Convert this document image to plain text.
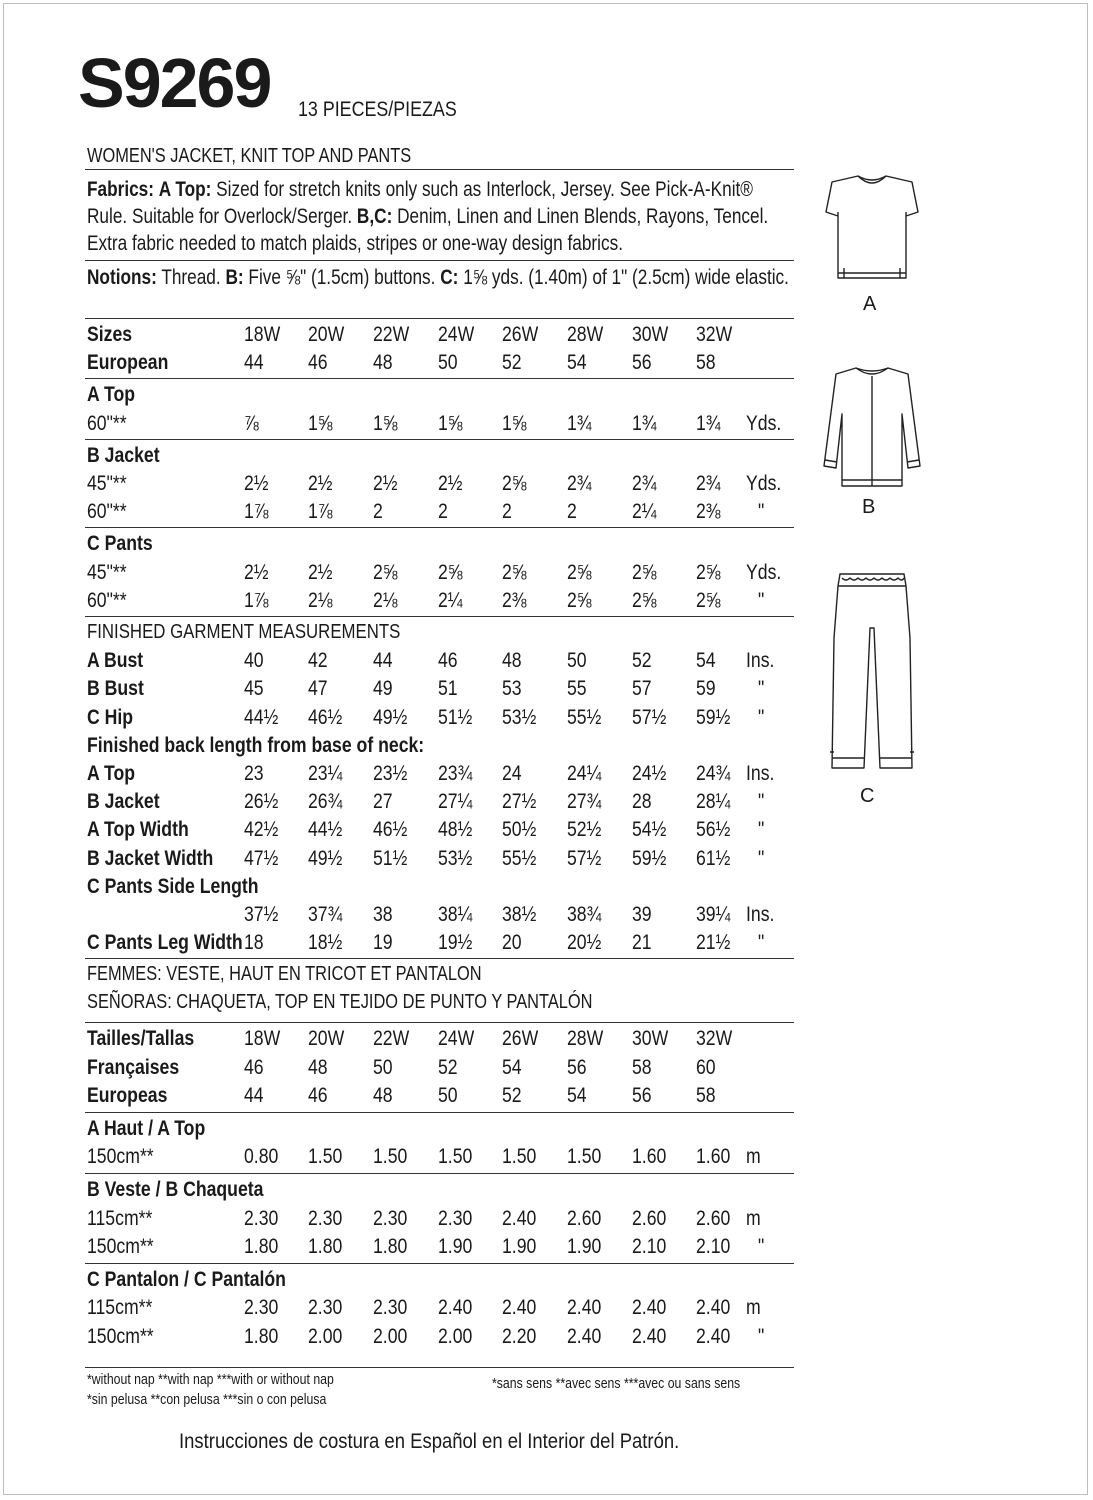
S9269 13 PIECES/PIEZAS
WOMEN'S JACKET, KNIT TOP AND PANTS
Fabrics: A Top: Sized for stretch knits only such as Interlock, Jersey. See Pick-A-Knit® Rule. Suitable for Overlock/Serger. B,C: Denim, Linen and Linen Blends, Rayons, Tencel. Extra fabric needed to match plaids, stripes or one-way design fabrics.
Notions: Thread. B: Five ⅝" (1.5cm) buttons. C: 1⅝ yds. (1.40m) of 1" (2.5cm) wide elastic.
Sizes	18W 20W 22W 24W 26W 28W 30W 32W
European	44 46 48 50 52 54 56 58
A Top
60"**	⅞ 1⅝ 1⅝ 1⅝ 1⅝ 1¾ 1¾ 1¾ Yds.
B Jacket
45"**	2½ 2½ 2½ 2½ 2⅝ 2¾ 2¾ 2¾ Yds.
60"**	1⅞ 1⅞ 2	2	2	2	2¼ 2⅜ "
C Pants
45"**	2½ 2½ 2⅝ 2⅝ 2⅝ 2⅝ 2⅝ 2⅝ Yds.
60"**	1⅞ 2⅛ 2⅛ 2¼ 2⅜ 2⅝ 2⅝ 2⅝ "
FINISHED GARMENT MEASUREMENTS
A Bust	40 42 44 46 48 50 52 54 Ins.
B Bust	45 47 49 51 53 55 57 59 "
C Hip	44½ 46½ 49½ 51½ 53½ 55½ 57½ 59½ "
Finished back length from base of neck:
A Top	23 23¼ 23½ 23¾ 24 24¼ 24½ 24¾ Ins.
B Jacket	26½ 26¾ 27 27¼ 27½ 27¾ 28 28¼ "
A Top Width	42½ 44½ 46½ 48½ 50½ 52½ 54½ 56½ "
B Jacket Width 47½ 49½ 51½ 53½ 55½ 57½ 59½ 61½ "
C Pants Side Length
37½ 37¾ 38 38¼ 38½ 38¾ 39 39¼ Ins.
C Pants Leg Width 18 18½ 19 19½ 20 20½ 21 21½ "
FEMMES: VESTE, HAUT EN TRICOT ET PANTALON
SEÑORAS: CHAQUETA, TOP EN TEJIDO DE PUNTO Y PANTALÓN
Tailles/Tallas 18W 20W 22W 24W 26W 28W 30W 32W
Françaises	46 48 50 52 54 56 58 60
Europeas	44 46 48 50 52 54 56 58
A Haut / A Top
150cm**	0.80 1.50 1.50 1.50 1.50 1.50 1.60 1.60 m
B Veste / B Chaqueta
115cm**	2.30 2.30 2.30 2.30 2.40 2.60 2.60 2.60 m
150cm**	1.80 1.80 1.80 1.90 1.90 1.90 2.10 2.10 "
C Pantalon / C Pantalón
115cm**	2.30 2.30 2.30 2.40 2.40 2.40 2.40 2.40 m
150cm**	1.80 2.00 2.00 2.00 2.20 2.40 2.40 2.40 "
*without nap **with nap ***with or without nap
*sin pelusa **con pelusa ***sin o con pelusa
*sans sens **avec sens ***avec ou sans sens
Instrucciones de costura en Español en el Interior del Patrón.
A
B
C
